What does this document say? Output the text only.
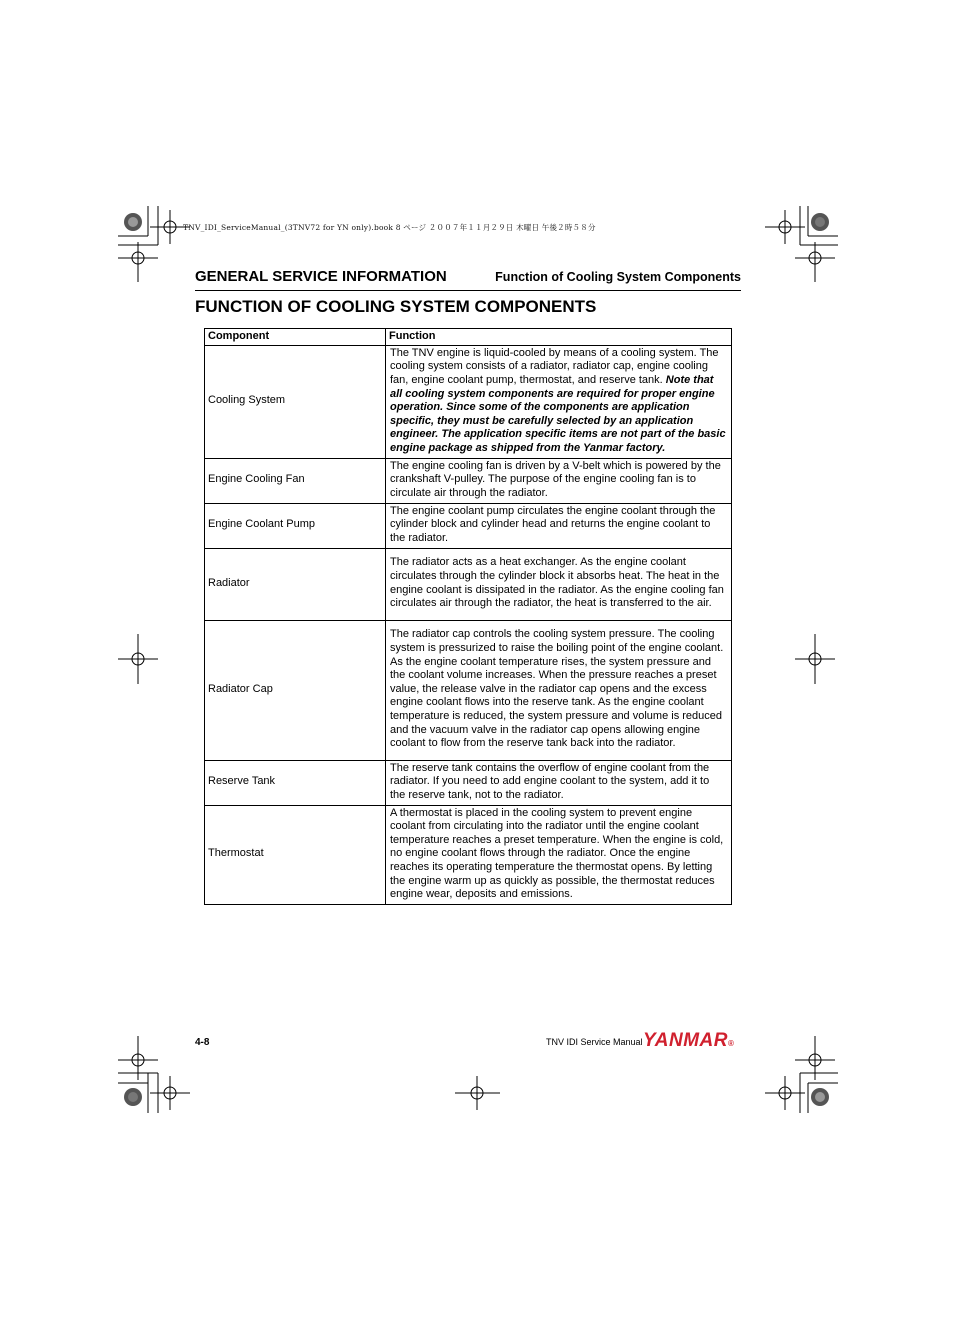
TNV_IDI_ServiceManual_(3TNV72 for YN only).book 8 ページ ２００７年１１月２９日 木曜日 午後２時５８分
GENERAL SERVICE INFORMATION	Function of Cooling System Components
FUNCTION OF COOLING SYSTEM COMPONENTS
Component	Function
Cooling System	The TNV engine is liquid-cooled by means of a cooling system. The cooling system consists of a radiator, radiator cap, engine cooling fan, engine coolant pump, thermostat, and reserve tank. Note that all cooling system components are required for proper engine operation. Since some of the components are application specific, they must be carefully selected by an application engineer. The application specific items are not part of the basic engine package as shipped from the Yanmar factory.
Engine Cooling Fan	The engine cooling fan is driven by a V-belt which is powered by the crankshaft V-pulley. The purpose of the engine cooling fan is to circulate air through the radiator.
Engine Coolant Pump	The engine coolant pump circulates the engine coolant through the cylinder block and cylinder head and returns the engine coolant to the radiator.
Radiator	The radiator acts as a heat exchanger. As the engine coolant circulates through the cylinder block it absorbs heat. The heat in the engine coolant is dissipated in the radiator. As the engine cooling fan circulates air through the radiator, the heat is transferred to the air.
Radiator Cap	The radiator cap controls the cooling system pressure. The cooling system is pressurized to raise the boiling point of the engine coolant. As the engine coolant temperature rises, the system pressure and the coolant volume increases. When the pressure reaches a preset value, the release valve in the radiator cap opens and the excess engine coolant flows into the reserve tank. As the engine coolant temperature is reduced, the system pressure and volume is reduced and the vacuum valve in the radiator cap opens allowing engine coolant to flow from the reserve tank back into the radiator.
Reserve Tank	The reserve tank contains the overflow of engine coolant from the radiator. If you need to add engine coolant to the system, add it to the reserve tank, not to the radiator.
Thermostat	A thermostat is placed in the cooling system to prevent engine coolant from circulating into the radiator until the engine coolant temperature reaches a preset temperature. When the engine is cold, no engine coolant flows through the radiator. Once the engine reaches its operating temperature the thermostat opens. By letting the engine warm up as quickly as possible, the thermostat reduces engine wear, deposits and emissions.
4-8	TNV IDI Service Manual YANMAR®
